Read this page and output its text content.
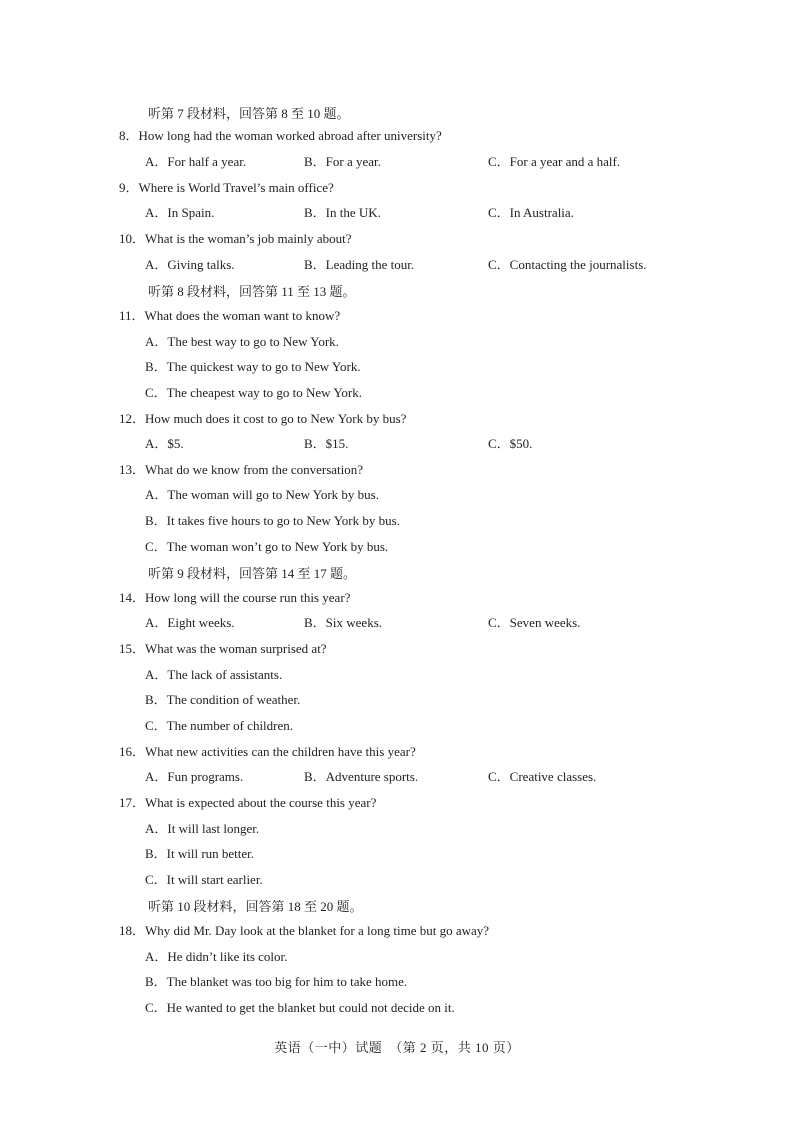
听第 7 段材料，回答第 8 至 10 题。
8．How long had the woman worked abroad after university?
A．For half a year.	B．For a year.	C．For a year and a half.
9．Where is World Travel’s main office?
A．In Spain.	B．In the UK.	C．In Australia.
10．What is the woman’s job mainly about?
A．Giving talks.	B．Leading the tour.	C．Contacting the journalists.
听第 8 段材料，回答第 11 至 13 题。
11．What does the woman want to know?
A．The best way to go to New York.
B．The quickest way to go to New York.
C．The cheapest way to go to New York.
12．How much does it cost to go to New York by bus?
A．$5.	B．$15.	C．$50.
13．What do we know from the conversation?
A．The woman will go to New York by bus.
B．It takes five hours to go to New York by bus.
C．The woman won’t go to New York by bus.
听第 9 段材料，回答第 14 至 17 题。
14．How long will the course run this year?
A．Eight weeks.	B．Six weeks.	C．Seven weeks.
15．What was the woman surprised at?
A．The lack of assistants.
B．The condition of weather.
C．The number of children.
16．What new activities can the children have this year?
A．Fun programs.	B．Adventure sports.	C．Creative classes.
17．What is expected about the course this year?
A．It will last longer.
B．It will run better.
C．It will start earlier.
听第 10 段材料，回答第 18 至 20 题。
18．Why did Mr. Day look at the blanket for a long time but go away?
A．He didn’t like its color.
B．The blanket was too big for him to take home.
C．He wanted to get the blanket but could not decide on it.
英语（一中）试题　（第 2 页，共 10 页）
